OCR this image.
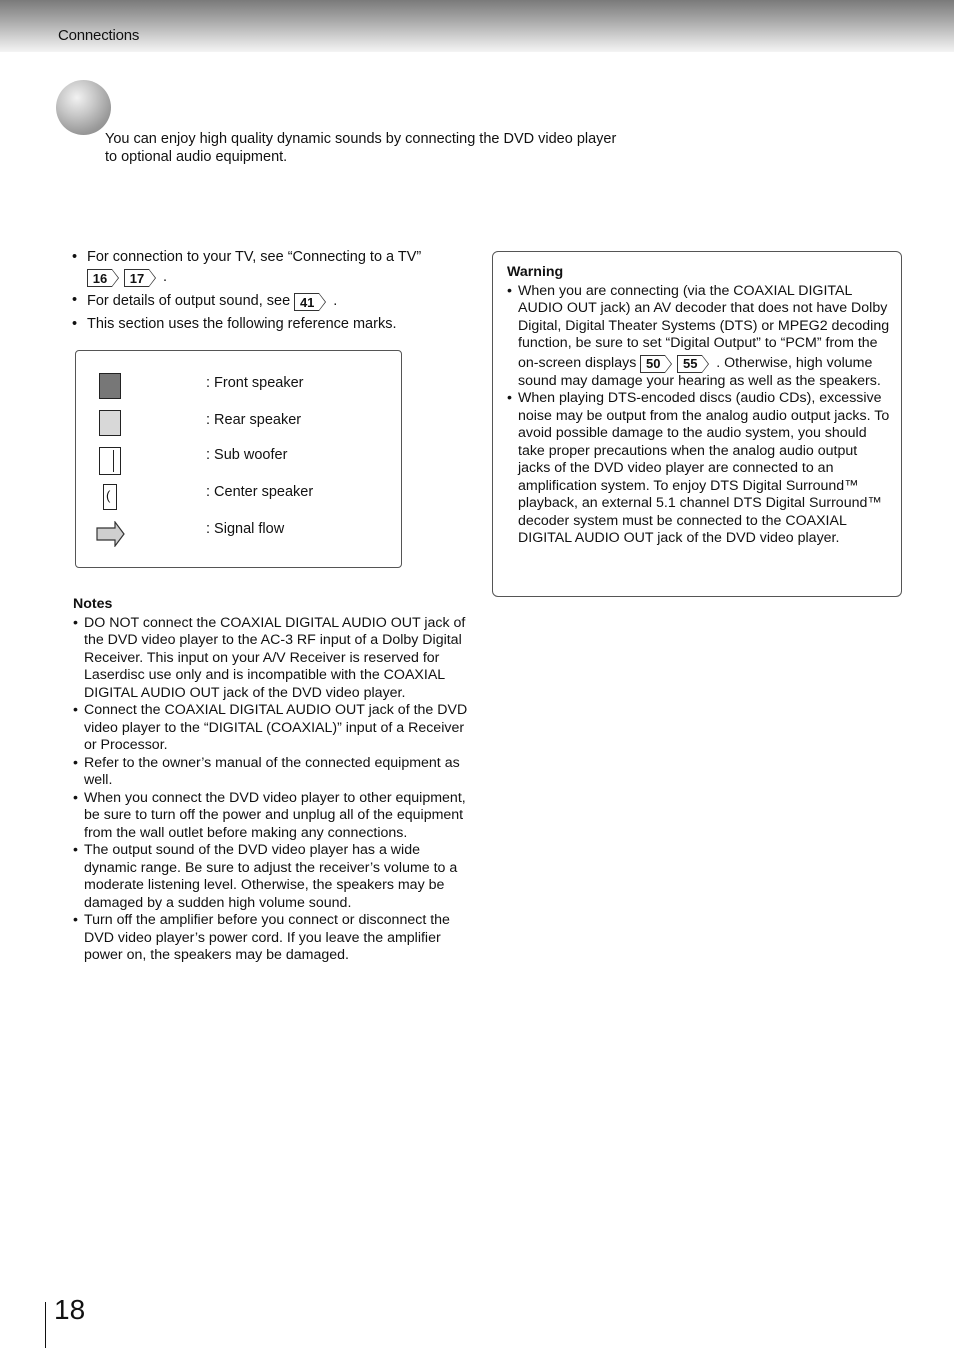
Connections
You can enjoy high quality dynamic sounds by connecting the DVD video player
to optional audio equipment.
• For connection to your TV, see “Connecting to a TV”

16	17	.
• For details of output sound, see 41	.
• This section uses the following reference marks.
: Front speaker
: Rear speaker
: Sub woofer
(
: Center speaker
: Signal flow
Notes
• DO NOT connect the COAXIAL DIGITAL AUDIO OUT jack of the DVD video player to the AC-3 RF input of a Dolby Digital Receiver. This input on your A/V Receiver is reserved for Laserdisc use only and is incompatible with the COAXIAL DIGITAL AUDIO OUT jack of the DVD video player.
• Connect the COAXIAL DIGITAL AUDIO OUT jack of the DVD video player to the “DIGITAL (COAXIAL)” input of a Receiver or Processor.
• Refer to the owner’s manual of the connected equipment as well.
• When you connect the DVD video player to other equipment, be sure to turn off the power and unplug all of the equipment from the wall outlet before making any connections.
• The output sound of the DVD video player has a wide dynamic range. Be sure to adjust the receiver’s volume to a moderate listening level. Otherwise, the speakers may be damaged by a sudden high volume sound.
• Turn off the amplifier before you connect or disconnect the DVD video player’s power cord. If you leave the amplifier power on, the speakers may be damaged.
Warning
• When you are connecting (via the COAXIAL DIGITAL AUDIO OUT jack) an AV decoder that does not have Dolby Digital, Digital Theater Systems (DTS) or MPEG2 decoding function, be sure to set “Digital Output” to “PCM” from the on-screen displays 50	55	. Otherwise, high volume sound may damage your hearing as well as the speakers.
• When playing DTS-encoded discs (audio CDs), excessive noise may be output from the analog audio output jacks. To avoid possible damage to the audio system, you should take proper precautions when the analog audio output jacks of the DVD video player are connected to an amplification system. To enjoy DTS Digital Surround™ playback, an external 5.1 channel DTS Digital Surround™ decoder system must be connected to the COAXIAL DIGITAL AUDIO OUT jack of the DVD video player.
18
